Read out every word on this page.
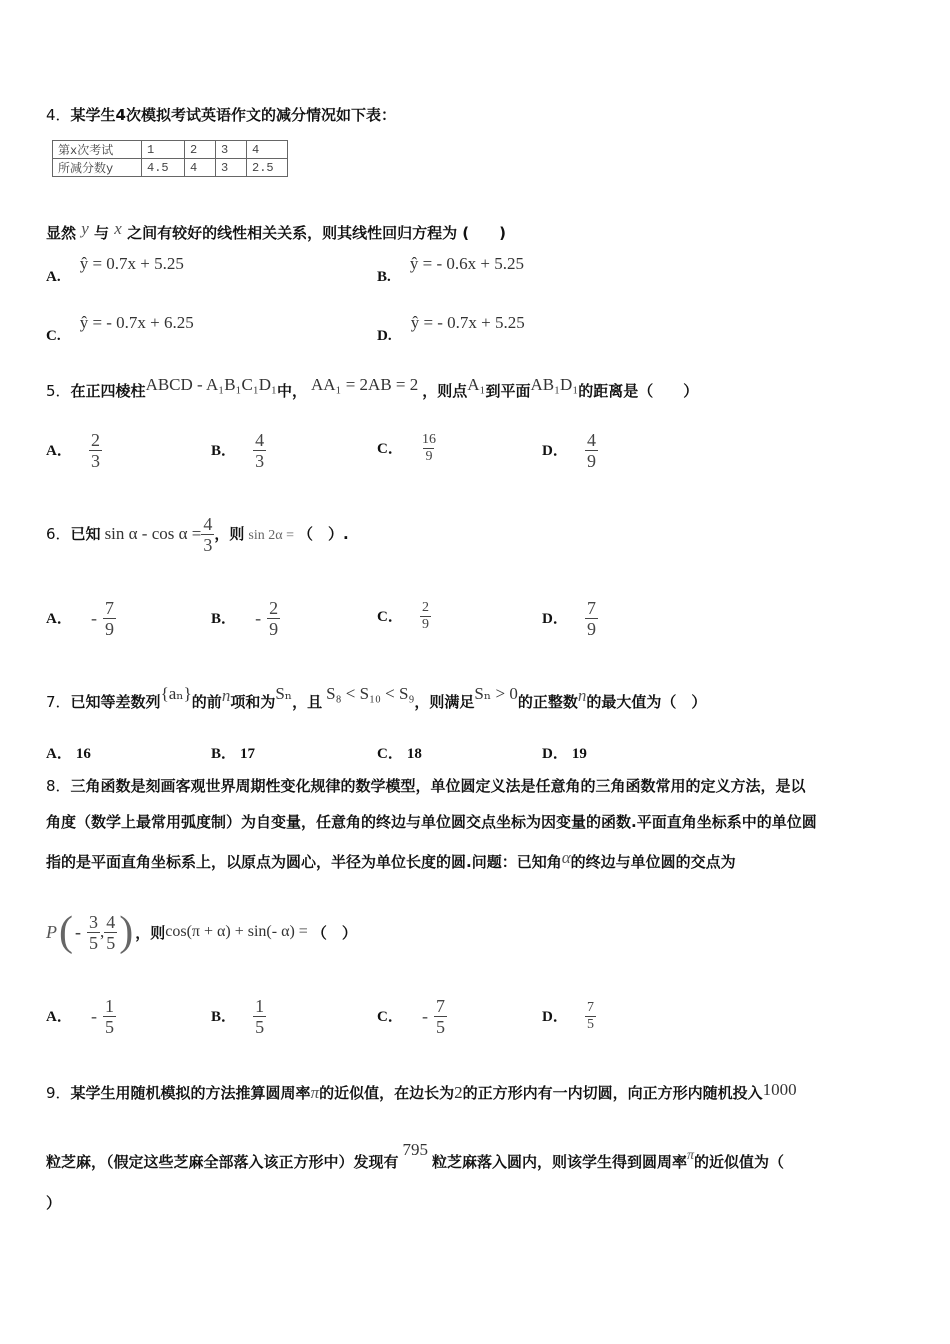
4．某学生4次模拟考试英语作文的减分情况如下表：
第x次考试	1	2	3	4
所减分数y	4.5	4	3	2.5
显然 y 与 x 之间有较好的线性相关关系，则其线性回归方程为 (　　)
A. ŷ = 0.7x + 5.25
B. ŷ = - 0.6x + 5.25
C. ŷ = - 0.7x + 6.25
D. ŷ = - 0.7x + 5.25
5．在正四棱柱ABCD - A₁B₁C₁D₁中， AA₁ = 2AB = 2 ，则点A₁到平面AB₁D₁的距离是（　　）
A． $\frac{2}{3}$	B． $\frac{4}{3}$	C． $\frac{16}{9}$	D． $\frac{4}{9}$
6．已知 $\sin \alpha - \cos \alpha = \frac{4}{3}$ ，则 sin 2α = （　）.
A． - $\frac{7}{9}$	B． - $\frac{2}{9}$	C． $\frac{2}{9}$	D． $\frac{7}{9}$
7．已知等差数列{aₙ}的前n项和为Sₙ，且 S₈ < S₁₀ < S₉，则满足Sₙ > 0的正整数n的最大值为（　）
A． 16	B． 17	C． 18	D． 19
8．三角函数是刻画客观世界周期性变化规律的数学模型，单位圆定义法是任意角的三角函数常用的定义方法，是以
角度（数学上最常用弧度制）为自变量，任意角的终边与单位圆交点坐标为因变量的函数.平面直角坐标系中的单位圆
指的是平面直角坐标系上，以原点为圆心，半径为单位长度的圆.问题：已知角α的终边与单位圆的交点为
P ( - $\frac{3}{5}$ , $\frac{4}{5}$ ) ，则 cos(π + α) + sin(- α) = （　）
A． - $\frac{1}{5}$	B． $\frac{1}{5}$	C． - $\frac{7}{5}$	D． $\frac{7}{5}$
9．某学生用随机模拟的方法推算圆周率π的近似值，在边长为2的正方形内有一内切圆，向正方形内随机投入1000
粒芝麻，（假定这些芝麻全部落入该正方形中）发现有795粒芝麻落入圆内，则该学生得到圆周率π的近似值为（
）
